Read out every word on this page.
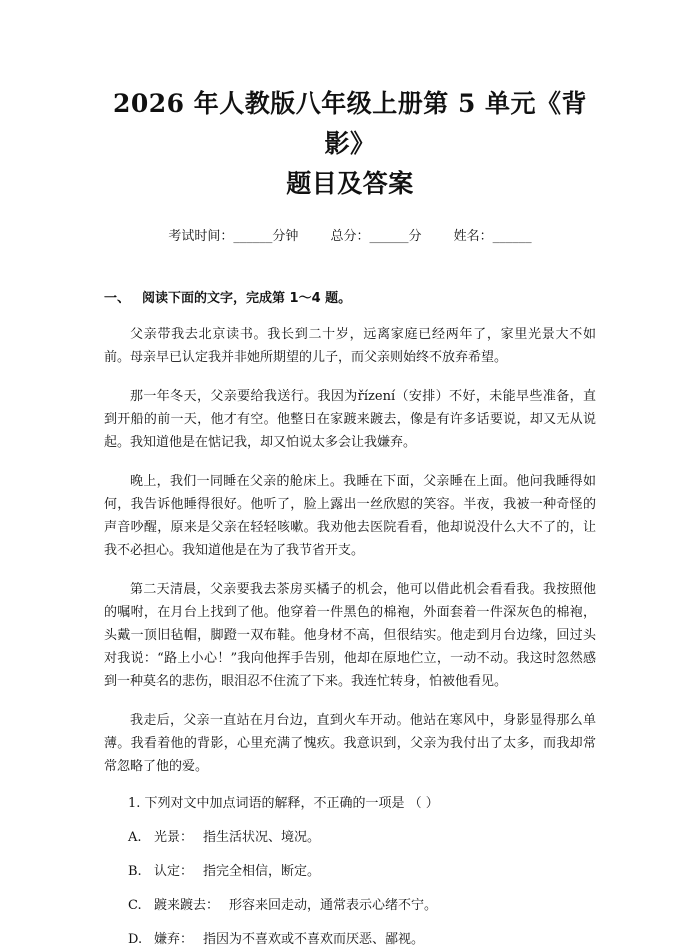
2026 年人教版八年级上册第 5 单元《背影》
题目及答案
考试时间：______分钟 总分：______分 姓名：______
一、 阅读下面的文字，完成第 1～4 题。

父亲带我去北京读书。我长到二十岁，远离家庭已经两年了，家里光景大不如前。母亲早已认定我并非她所期望的儿子，而父亲则始终不放弃希望。

那一年冬天，父亲要给我送行。我因为řízení（安排）不好，未能早些准备，直到开船的前一天，他才有空。他整日在家踱来踱去，像是有许多话要说，却又无从说起。我知道他是在惦记我，却又怕说太多会让我嫌弃。

晚上，我们一同睡在父亲的舱床上。我睡在下面，父亲睡在上面。他问我睡得如何，我告诉他睡得很好。他听了，脸上露出一丝欣慰的笑容。半夜，我被一种奇怪的声音吵醒，原来是父亲在轻轻咳嗽。我劝他去医院看看，他却说没什么大不了的，让我不必担心。我知道他是在为了我节省开支。

第二天清晨，父亲要我去茶房买橘子的机会，他可以借此机会看看我。我按照他的嘱咐，在月台上找到了他。他穿着一件黑色的棉袍，外面套着一件深灰色的棉袍，头戴一顶旧毡帽，脚蹬一双布鞋。他身材不高，但很结实。他走到月台边缘，回过头对我说：“路上小心！”我向他挥手告别，他却在原地伫立，一动不动。我这时忽然感到一种莫名的悲伤，眼泪忍不住流了下来。我连忙转身，怕被他看见。

我走后，父亲一直站在月台边，直到火车开动。他站在寒风中，身影显得那么单薄。我看着他的背影，心里充满了愧疚。我意识到，父亲为我付出了太多，而我却常常忽略了他的爱。

1. 下列对文中加点词语的解释，不正确的一项是 （ ）
A. 光景： 指生活状况、境况。
B. 认定： 指完全相信，断定。
C. 踱来踱去： 形容来回走动，通常表示心绪不宁。
D. 嫌弃： 指因为不喜欢或不喜欢而厌恶、鄙视。
